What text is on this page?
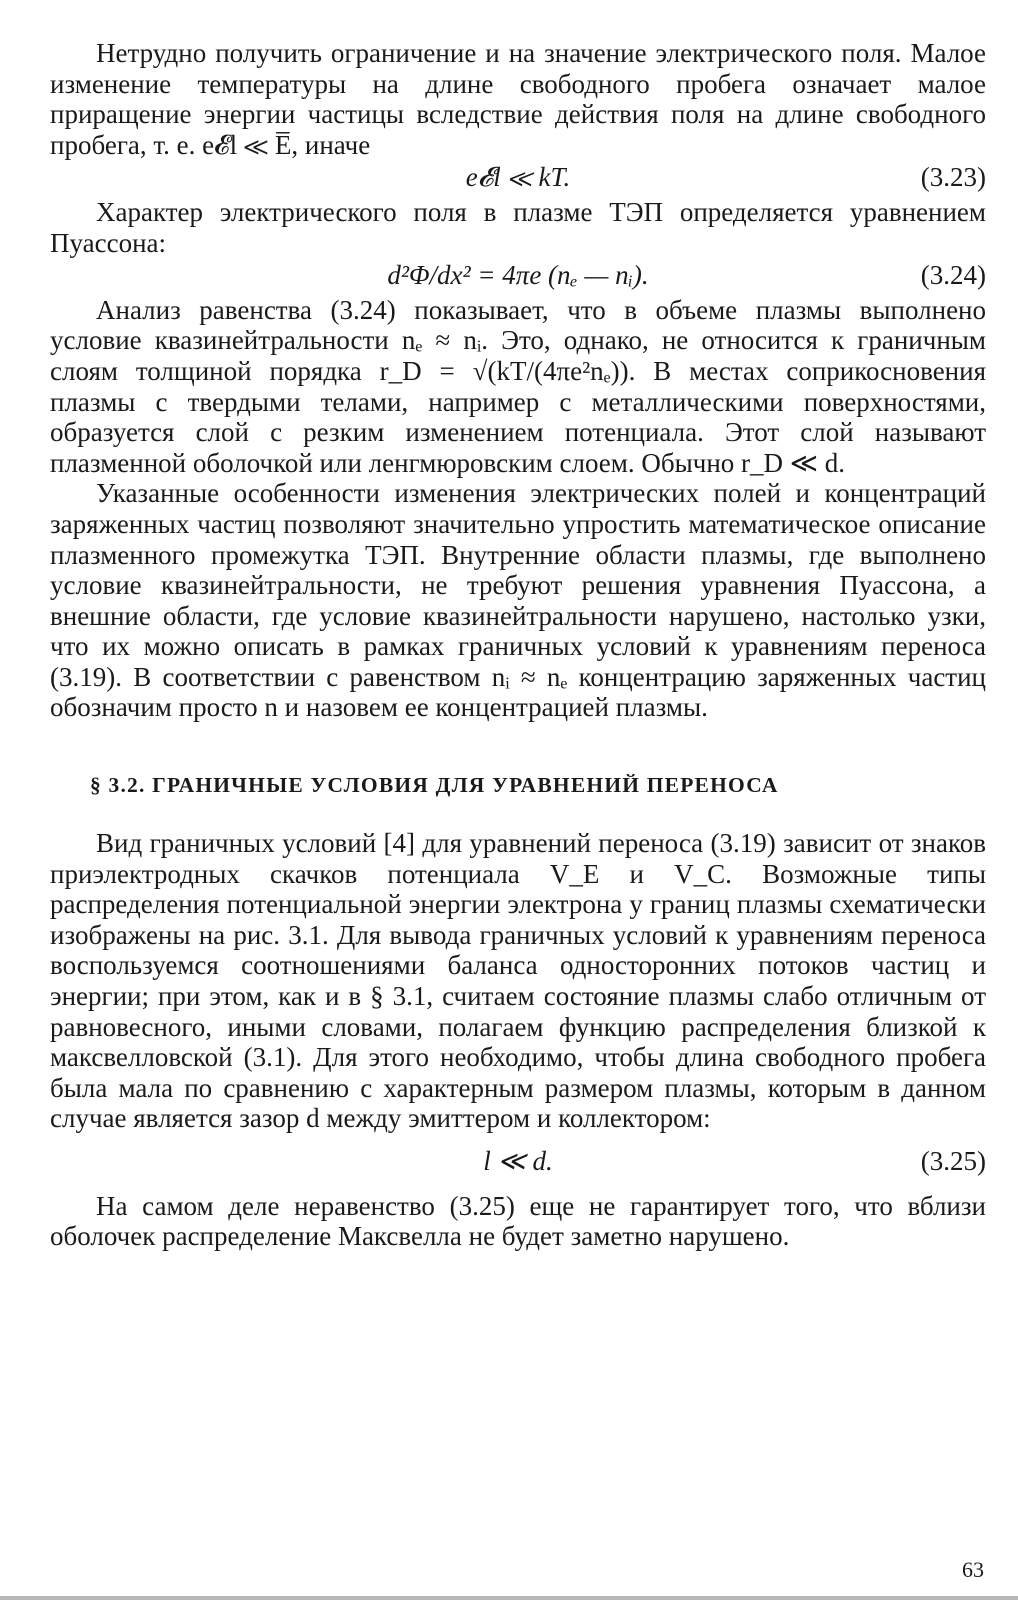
Нетрудно получить ограничение и на значение электрического поля. Малое изменение температуры на длине свободного пробега означает малое приращение энергии частицы вследствие действия поля на длине свободного пробега, т. е. e𝓔l ≪ E̅, иначе

e𝓔l ≪ kT.	(3.23)

Характер электрического поля в плазме ТЭП определяется уравнением Пуассона:

d²Φ/dx² = 4πe (nₑ — nᵢ).	(3.24)

Анализ равенства (3.24) показывает, что в объеме плазмы выполнено условие квазинейтральности nₑ ≈ nᵢ. Это, однако, не относится к граничным слоям толщиной порядка r_D = √(kT/(4πe²nₑ)). В местах соприкосновения плазмы с твердыми телами, например с металлическими поверхностями, образуется слой с резким изменением потенциала. Этот слой называют плазменной оболочкой или ленгмюровским слоем. Обычно r_D ≪ d.

Указанные особенности изменения электрических полей и концентраций заряженных частиц позволяют значительно упростить математическое описание плазменного промежутка ТЭП. Внутренние области плазмы, где выполнено условие квазинейтральности, не требуют решения уравнения Пуассона, а внешние области, где условие квазинейтральности нарушено, настолько узки, что их можно описать в рамках граничных условий к уравнениям переноса (3.19). В соответствии с равенством nᵢ ≈ nₑ концентрацию заряженных частиц обозначим просто n и назовем ее концентрацией плазмы.

§ 3.2. ГРАНИЧНЫЕ УСЛОВИЯ ДЛЯ УРАВНЕНИЙ ПЕРЕНОСА

Вид граничных условий [4] для уравнений переноса (3.19) зависит от знаков приэлектродных скачков потенциала V_E и V_C. Возможные типы распределения потенциальной энергии электрона у границ плазмы схематически изображены на рис. 3.1. Для вывода граничных условий к уравнениям переноса воспользуемся соотношениями баланса односторонних потоков частиц и энергии; при этом, как и в § 3.1, считаем состояние плазмы слабо отличным от равновесного, иными словами, полагаем функцию распределения близкой к максвелловской (3.1). Для этого необходимо, чтобы длина свободного пробега была мала по сравнению с характерным размером плазмы, которым в данном случае является зазор d между эмиттером и коллектором:

l ≪ d.	(3.25)

На самом деле неравенство (3.25) еще не гарантирует того, что вблизи оболочек распределение Максвелла не будет заметно нарушено.

63
